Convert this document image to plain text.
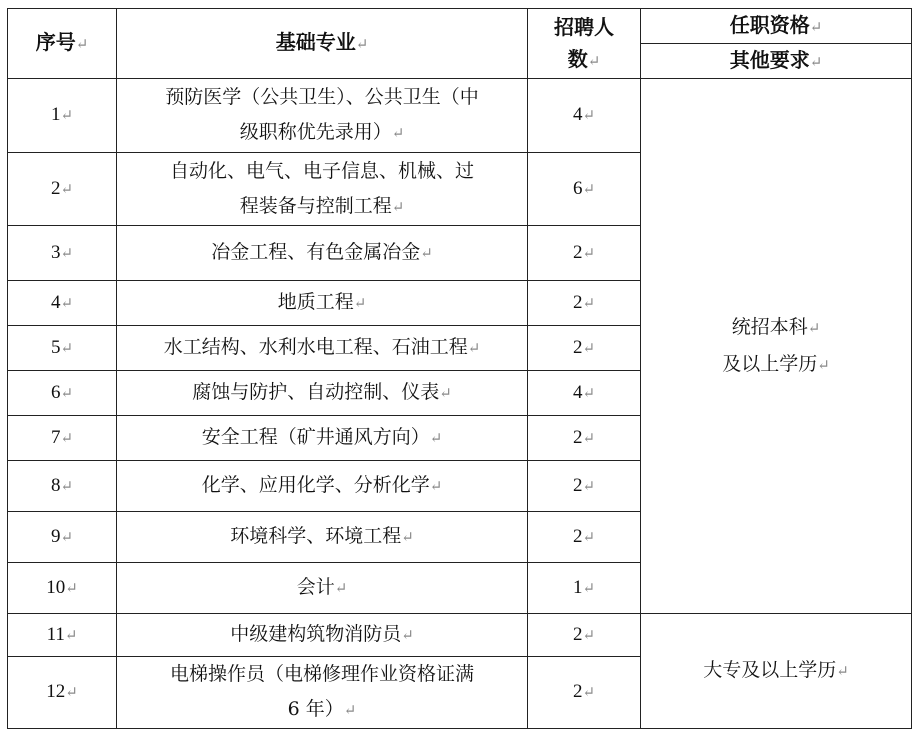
序号 ↵	基础专业 ↵	招聘人
数 ↵	任职资格 ↵
			其他要求 ↵
1 ↵	预防医学（公共卫生）、公共卫生（中
级职称优先录用） ↵	4 ↵	统招本科 ↵
及以上学历 ↵
2 ↵	自动化、电气、电子信息、机械、过
程装备与控制工程 ↵	6 ↵
3 ↵	冶金工程、有色金属冶金 ↵	2 ↵
4 ↵	地质工程 ↵	2 ↵
5 ↵	水工结构、水利水电工程、石油工程 ↵	2 ↵
6 ↵	腐蚀与防护、自动控制、仪表 ↵	4 ↵
7 ↵	安全工程（矿井通风方向） ↵	2 ↵
8 ↵	化学、应用化学、分析化学 ↵	2 ↵
9 ↵	环境科学、环境工程 ↵	2 ↵
10 ↵	会计 ↵	1 ↵
11 ↵	中级建构筑物消防员 ↵	2 ↵	大专及以上学历 ↵
12 ↵	电梯操作员（电梯修理作业资格证满
6 年） ↵	2 ↵
